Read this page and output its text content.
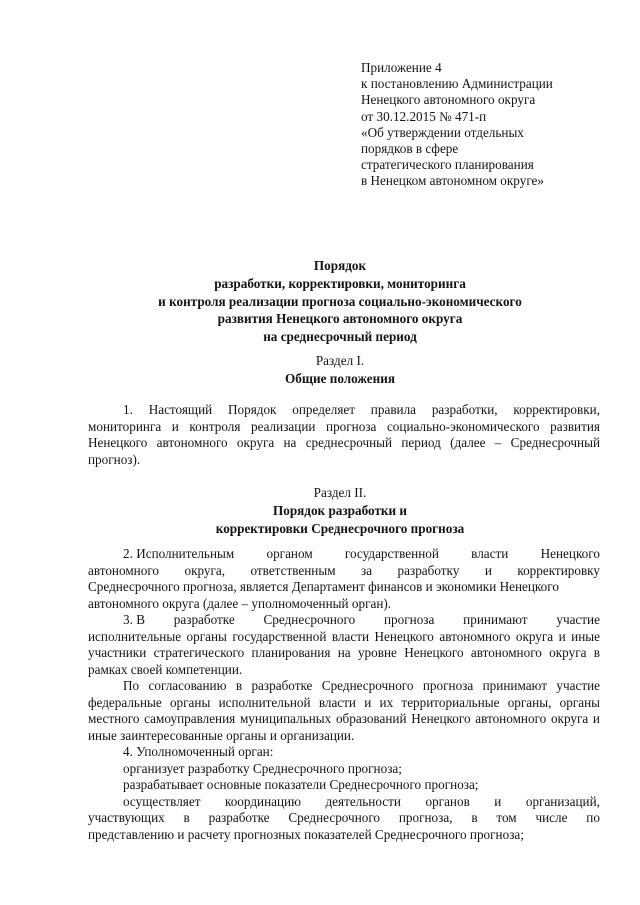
Приложение 4
к постановлению Администрации
Ненецкого автономного округа
от 30.12.2015 № 471-п
«Об утверждении отдельных
порядков в сфере
стратегического планирования
в Ненецком автономном округе»
Порядок
разработки, корректировки, мониторинга
и контроля реализации прогноза социально-экономического
развития Ненецкого автономного округа
на среднесрочный период
Раздел I.
Общие положения

1. Настоящий Порядок определяет правила разработки, корректировки, мониторинга и контроля реализации прогноза социально-экономического развития Ненецкого автономного округа на среднесрочный период (далее – Среднесрочный прогноз).

Раздел II.
Порядок разработки и
корректировки Среднесрочного прогноза
2. Исполнительным органом государственной власти Ненецкого
автономного округа, ответственным за разработку и корректировку
Среднесрочного прогноза, является Департамент финансов и экономики Ненецкого
автономного округа (далее – уполномоченный орган).
3. В разработке Среднесрочного прогноза принимают участие

исполнительные органы государственной власти Ненецкого автономного округа и иные участники стратегического планирования на уровне Ненецкого автономного округа в рамках своей компетенции.

По согласованию в разработке Среднесрочного прогноза принимают участие федеральные органы исполнительной власти и их территориальные органы, органы местного самоуправления муниципальных образований Ненецкого автономного округа и иные заинтересованные органы и организации.

4. Уполномоченный орган:
организует разработку Среднесрочного прогноза;
разрабатывает основные показатели Среднесрочного прогноза;
осуществляет координацию деятельности органов и организаций,
участвующих в разработке Среднесрочного прогноза, в том числе по
представлению и расчету прогнозных показателей Среднесрочного прогноза;
